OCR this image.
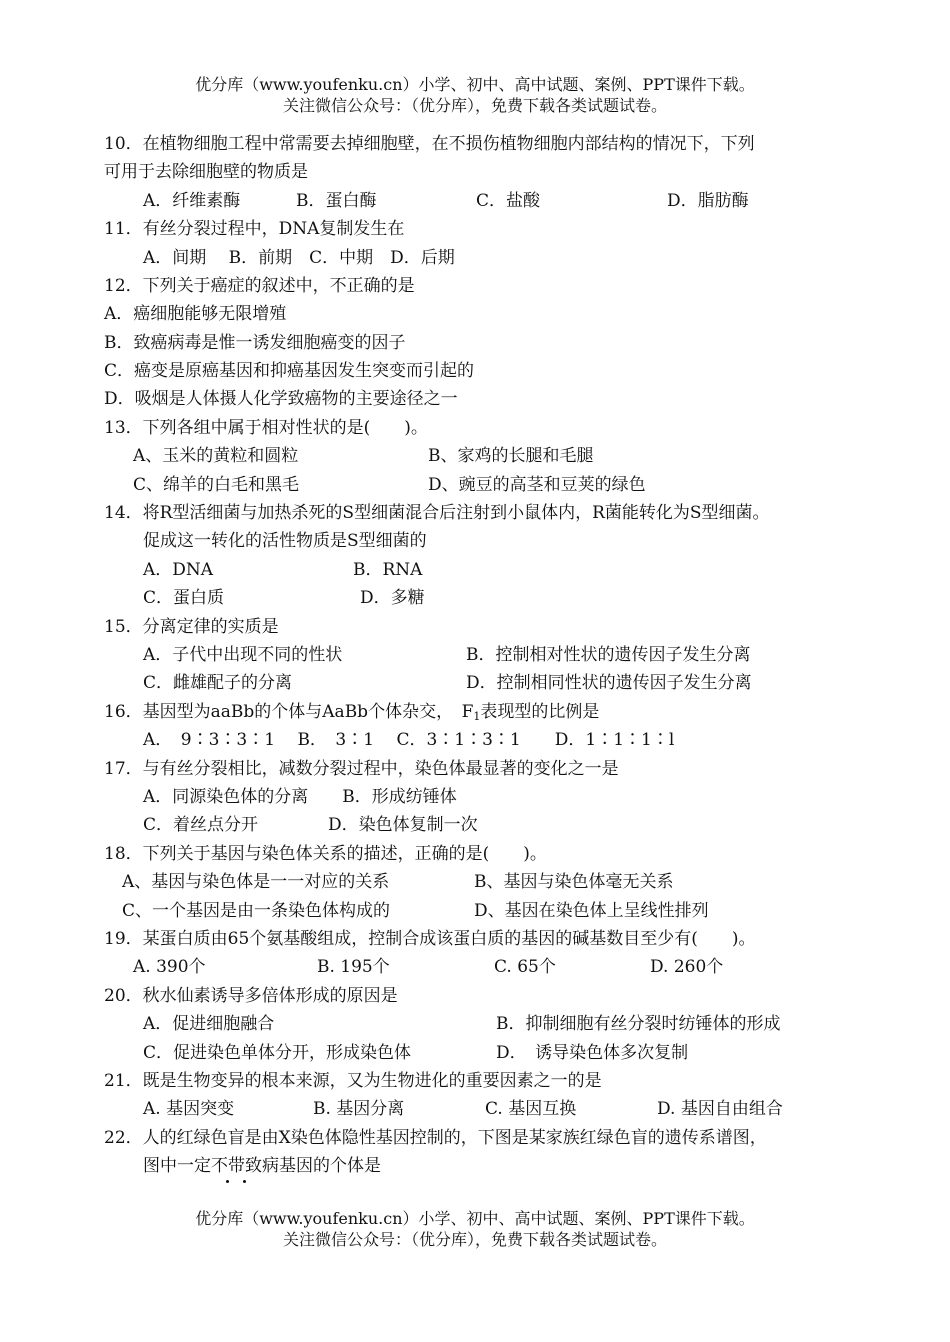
优分库（www.youfenku.cn）小学、初中、高中试题、案例、PPT课件下载。
关注微信公众号：（优分库），免费下载各类试题试卷。
10．在植物细胞工程中常需要去掉细胞壁，在不损伤植物细胞内部结构的情况下，下列
可用于去除细胞壁的物质是
A．纤维素酶	B．蛋白酶	C．盐酸	D．脂肪酶
11．有丝分裂过程中，DNA复制发生在
A．间期　 B．前期　C．中期　D．后期
12．下列关于癌症的叙述中，不正确的是
A．癌细胞能够无限增殖
B．致癌病毒是惟一诱发细胞癌变的因子
C．癌变是原癌基因和抑癌基因发生突变而引起的
D．吸烟是人体摄人化学致癌物的主要途径之一
13．下列各组中属于相对性状的是(　　)。
A、玉米的黄粒和圆粒	B、家鸡的长腿和毛腿
C、绵羊的白毛和黑毛	D、豌豆的高茎和豆荚的绿色
14．将R型活细菌与加热杀死的S型细菌混合后注射到小鼠体内，R菌能转化为S型细菌。
促成这一转化的活性物质是S型细菌的
A．DNA	B．RNA
C．蛋白质	D．多糖
15．分离定律的实质是
A．子代中出现不同的性状	B．控制相对性状的遗传因子发生分离
C．雌雄配子的分离	D．控制相同性状的遗传因子发生分离
16．基因型为aaBb的个体与AaBb个体杂交，　$F_1$表现型的比例是
A．　9∶3∶3∶1　 B．　3∶1　 C．3∶1∶3∶1　　D．1∶1∶1∶l
17．与有丝分裂相比，减数分裂过程中，染色体最显著的变化之一是
A．同源染色体的分离　　B．形成纺锤体
C．着丝点分开	D．染色体复制一次
18．下列关于基因与染色体关系的描述，正确的是(　　)。
A、基因与染色体是一一对应的关系	B、基因与染色体毫无关系
C、一个基因是由一条染色体构成的	D、基因在染色体上呈线性排列
19．某蛋白质由65个氨基酸组成，控制合成该蛋白质的基因的碱基数目至少有(　　)。
A. 390个	B. 195个	C. 65个	D. 260个
20．秋水仙素诱导多倍体形成的原因是
A．促进细胞融合	B．抑制细胞有丝分裂时纺锤体的形成
C．促进染色单体分开，形成染色体	D．　诱导染色体多次复制
21．既是生物变异的根本来源，又为生物进化的重要因素之一的是
A. 基因突变	B. 基因分离	C. 基因互换	D. 基因自由组合
22．人的红绿色盲是由X染色体隐性基因控制的，下图是某家族红绿色盲的遗传系谱图，
图中一定不带致病基因的个体是
优分库（www.youfenku.cn）小学、初中、高中试题、案例、PPT课件下载。
关注微信公众号：（优分库），免费下载各类试题试卷。
